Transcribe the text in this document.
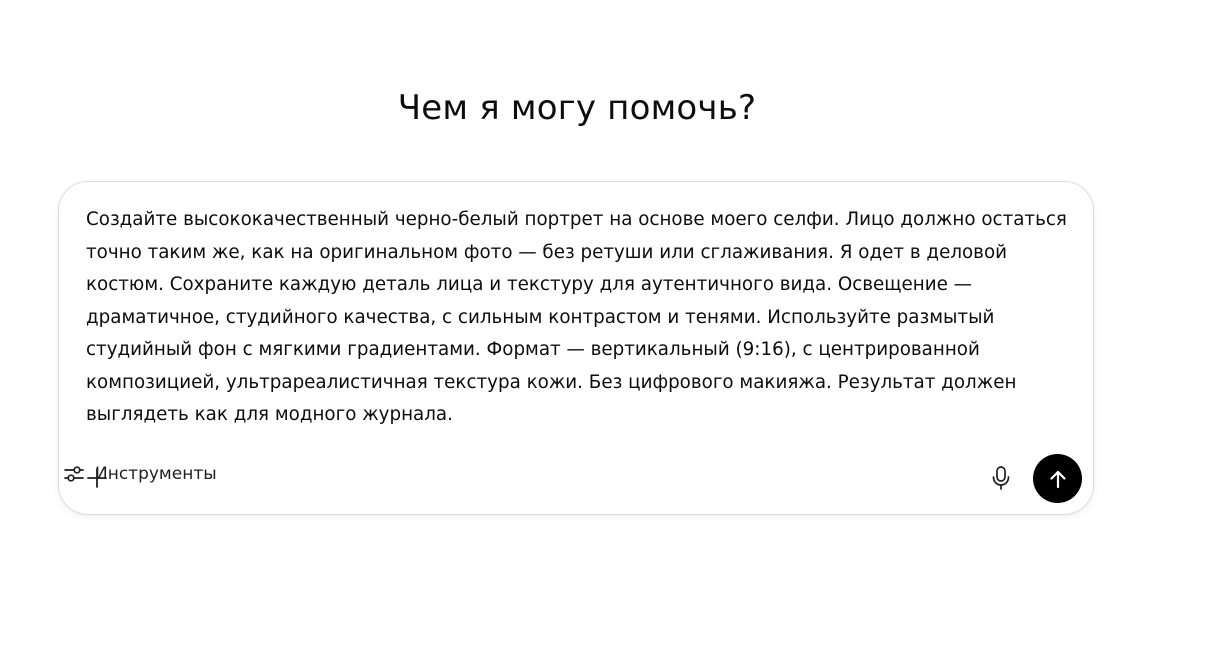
Чем я могу помочь?

Создайте высококачественный черно-белый портрет на основе моего селфи. Лицо должно остаться точно таким же, как на оригинальном фото — без ретуши или сглаживания. Я одет в деловой костюм. Сохраните каждую деталь лица и текстуру для аутентичного вида. Освещение — драматичное, студийного качества, с сильным контрастом и тенями. Используйте размытый студийный фон с мягкими градиентами. Формат — вертикальный (9:16), с центрированной композицией, ультрареалистичная текстура кожи. Без цифрового макияжа. Результат должен выглядеть как для модного журнала.

Инструменты
